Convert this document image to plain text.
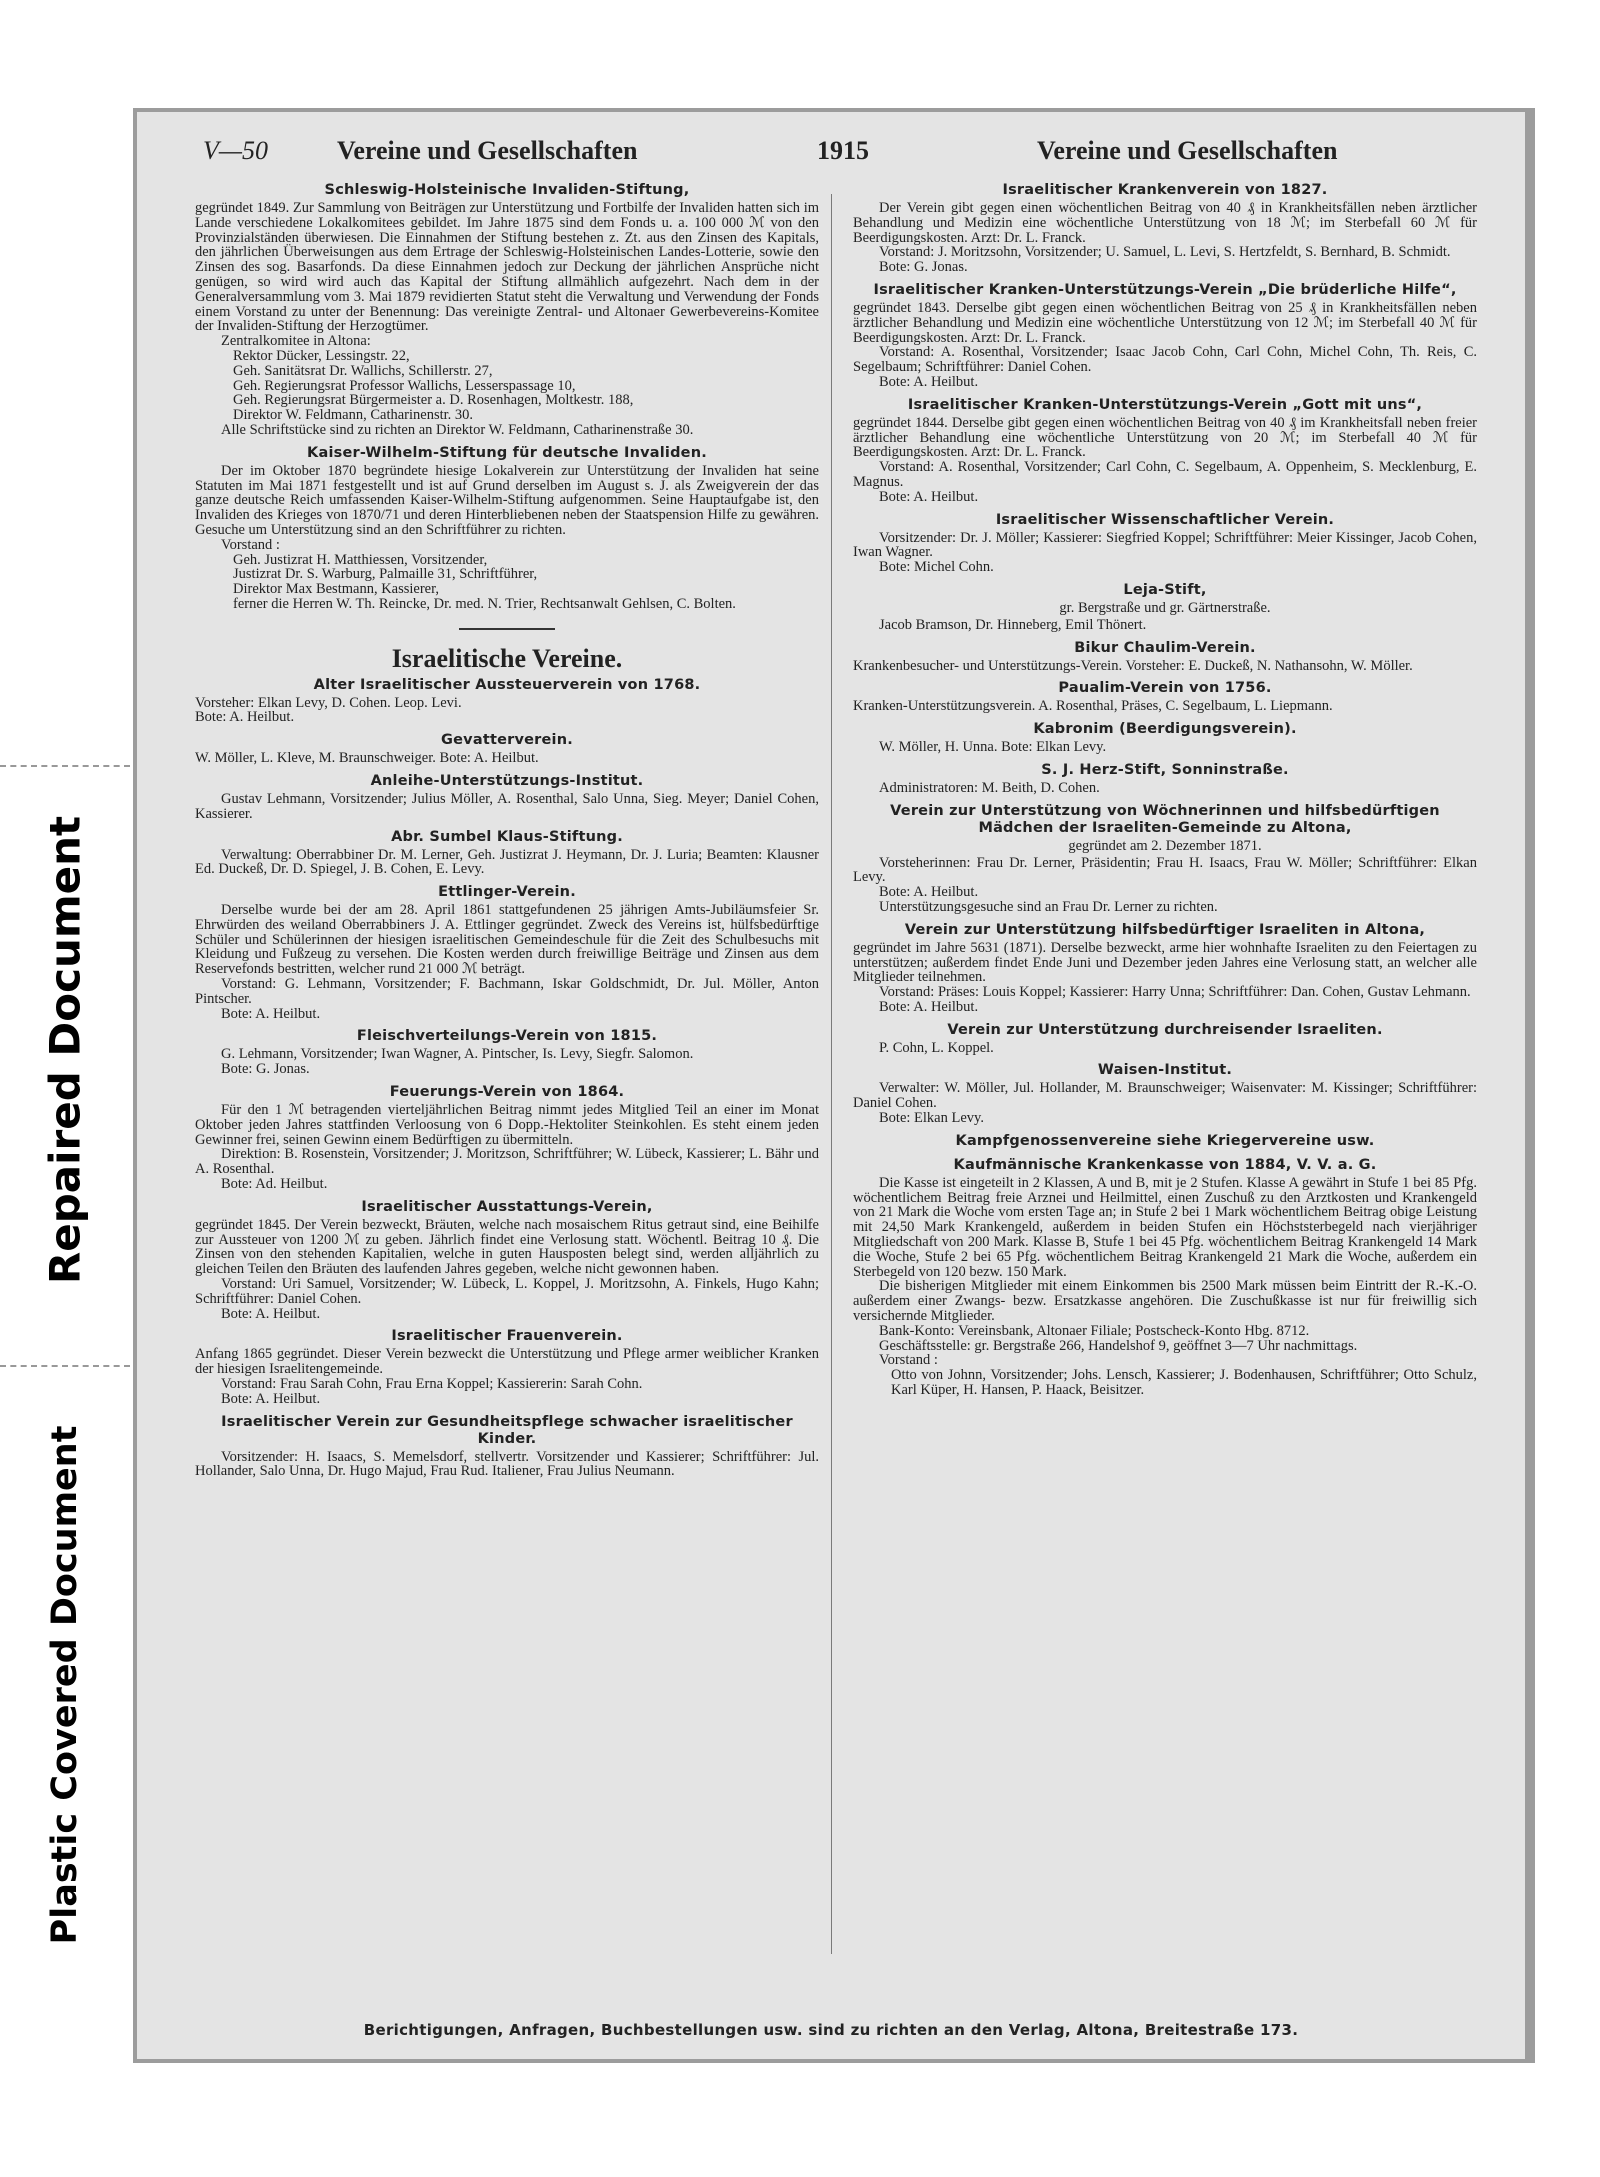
Repaired Document
Plastic Covered Document
V—50	Vereine und Gesellschaften	1915	Vereine und Gesellschaften
Schleswig-Holsteinische Invaliden-Stiftung,

gegründet 1849. Zur Sammlung von Beiträgen zur Unterstützung und Fortbilfe der Invaliden hatten sich im Lande verschiedene Lokalkomitees gebildet. Im Jahre 1875 sind dem Fonds u. a. 100 000 ℳ von den Provinzialständen überwiesen. Die Einnahmen der Stiftung bestehen z. Zt. aus den Zinsen des Kapitals, den jährlichen Überweisungen aus dem Ertrage der Schleswig-Holsteinischen Landes-Lotterie, sowie den Zinsen des sog. Basarfonds. Da diese Einnahmen jedoch zur Deckung der jährlichen Ansprüche nicht genügen, so wird wird auch das Kapital der Stiftung allmählich aufgezehrt. Nach dem in der Generalversammlung vom 3. Mai 1879 revidierten Statut steht die Verwaltung und Verwendung der Fonds einem Vorstand zu unter der Benennung: Das vereinigte Zentral- und Altonaer Gewerbevereins-Komitee der Invaliden-Stiftung der Herzogtümer.

Zentralkomitee in Altona:

Rektor Dücker, Lessingstr. 22,

Geh. Sanitätsrat Dr. Wallichs, Schillerstr. 27,

Geh. Regierungsrat Professor Wallichs, Lesserspassage 10,

Geh. Regierungsrat Bürgermeister a. D. Rosenhagen, Moltkestr. 188,

Direktor W. Feldmann, Catharinenstr. 30.

Alle Schriftstücke sind zu richten an Direktor W. Feldmann, Catharinenstraße 30.

Kaiser-Wilhelm-Stiftung für deutsche Invaliden.

Der im Oktober 1870 begründete hiesige Lokalverein zur Unterstützung der Invaliden hat seine Statuten im Mai 1871 festgestellt und ist auf Grund derselben im August s. J. als Zweigverein der das ganze deutsche Reich umfassenden Kaiser-Wilhelm-Stiftung aufgenommen. Seine Hauptaufgabe ist, den Invaliden des Krieges von 1870/71 und deren Hinterbliebenen neben der Staatspension Hilfe zu gewähren. Gesuche um Unterstützung sind an den Schriftführer zu richten.

Vorstand :

Geh. Justizrat H. Matthiessen, Vorsitzender,

Justizrat Dr. S. Warburg, Palmaille 31, Schriftführer,

Direktor Max Bestmann, Kassierer,

ferner die Herren W. Th. Reincke, Dr. med. N. Trier, Rechtsanwalt Gehlsen, C. Bolten.

Israelitische Vereine.
Alter Israelitischer Aussteuerverein von 1768.

Vorsteher: Elkan Levy, D. Cohen. Leop. Levi.

Bote: A. Heilbut.

Gevatterverein.

W. Möller, L. Kleve, M. Braunschweiger. Bote: A. Heilbut.

Anleihe-Unterstützungs-Institut.

Gustav Lehmann, Vorsitzender; Julius Möller, A. Rosenthal, Salo Unna, Sieg. Meyer; Daniel Cohen, Kassierer.

Abr. Sumbel Klaus-Stiftung.

Verwaltung: Oberrabbiner Dr. M. Lerner, Geh. Justizrat J. Heymann, Dr. J. Luria; Beamten: Klausner Ed. Duckeß, Dr. D. Spiegel, J. B. Cohen, E. Levy.

Ettlinger-Verein.

Derselbe wurde bei der am 28. April 1861 stattgefundenen 25 jährigen Amts-Jubiläumsfeier Sr. Ehrwürden des weiland Oberrabbiners J. A. Ettlinger gegründet. Zweck des Vereins ist, hülfsbedürftige Schüler und Schülerinnen der hiesigen israelitischen Gemeindeschule für die Zeit des Schulbesuchs mit Kleidung und Fußzeug zu versehen. Die Kosten werden durch freiwillige Beiträge und Zinsen aus dem Reservefonds bestritten, welcher rund 21 000 ℳ beträgt.

Vorstand: G. Lehmann, Vorsitzender; F. Bachmann, Iskar Goldschmidt, Dr. Jul. Möller, Anton Pintscher.

Bote: A. Heilbut.

Fleischverteilungs-Verein von 1815.

G. Lehmann, Vorsitzender; Iwan Wagner, A. Pintscher, Is. Levy, Siegfr. Salomon.

Bote: G. Jonas.

Feuerungs-Verein von 1864.

Für den 1 ℳ betragenden vierteljährlichen Beitrag nimmt jedes Mitglied Teil an einer im Monat Oktober jeden Jahres stattfinden Verloosung von 6 Dopp.-Hektoliter Steinkohlen. Es steht einem jeden Gewinner frei, seinen Gewinn einem Bedürftigen zu übermitteln.

Direktion: B. Rosenstein, Vorsitzender; J. Moritzson, Schriftführer; W. Lübeck, Kassierer; L. Bähr und A. Rosenthal.

Bote: Ad. Heilbut.

Israelitischer Ausstattungs-Verein,

gegründet 1845. Der Verein bezweckt, Bräuten, welche nach mosaischem Ritus getraut sind, eine Beihilfe zur Aussteuer von 1200 ℳ zu geben. Jährlich findet eine Verlosung statt. Wöchentl. Beitrag 10 ₰. Die Zinsen von den stehenden Kapitalien, welche in guten Hausposten belegt sind, werden alljährlich zu gleichen Teilen den Bräuten des laufenden Jahres gegeben, welche nicht gewonnen haben.

Vorstand: Uri Samuel, Vorsitzender; W. Lübeck, L. Koppel, J. Moritzsohn, A. Finkels, Hugo Kahn; Schriftführer: Daniel Cohen.

Bote: A. Heilbut.

Israelitischer Frauenverein.

Anfang 1865 gegründet. Dieser Verein bezweckt die Unterstützung und Pflege armer weiblicher Kranken der hiesigen Israelitengemeinde.

Vorstand: Frau Sarah Cohn, Frau Erna Koppel; Kassiererin: Sarah Cohn.

Bote: A. Heilbut.

Israelitischer Verein zur Gesundheitspflege schwacher israelitischer Kinder.

Vorsitzender: H. Isaacs, S. Memelsdorf, stellvertr. Vorsitzender und Kassierer; Schriftführer: Jul. Hollander, Salo Unna, Dr. Hugo Majud, Frau Rud. Italiener, Frau Julius Neumann.

Israelitischer Krankenverein von 1827.

Der Verein gibt gegen einen wöchentlichen Beitrag von 40 ₰ in Krankheitsfällen neben ärztlicher Behandlung und Medizin eine wöchentliche Unterstützung von 18 ℳ; im Sterbefall 60 ℳ für Beerdigungskosten. Arzt: Dr. L. Franck.

Vorstand: J. Moritzsohn, Vorsitzender; U. Samuel, L. Levi, S. Hertzfeldt, S. Bernhard, B. Schmidt.

Bote: G. Jonas.

Israelitischer Kranken-Unterstützungs-Verein „Die brüderliche Hilfe“,

gegründet 1843. Derselbe gibt gegen einen wöchentlichen Beitrag von 25 ₰ in Krankheitsfällen neben ärztlicher Behandlung und Medizin eine wöchentliche Unterstützung von 12 ℳ; im Sterbefall 40 ℳ für Beerdigungskosten. Arzt: Dr. L. Franck.

Vorstand: A. Rosenthal, Vorsitzender; Isaac Jacob Cohn, Carl Cohn, Michel Cohn, Th. Reis, C. Segelbaum; Schriftführer: Daniel Cohen.

Bote: A. Heilbut.

Israelitischer Kranken-Unterstützungs-Verein „Gott mit uns“,

gegründet 1844. Derselbe gibt gegen einen wöchentlichen Beitrag von 40 ₰ im Krankheitsfall neben freier ärztlicher Behandlung eine wöchentliche Unterstützung von 20 ℳ; im Sterbefall 40 ℳ für Beerdigungskosten. Arzt: Dr. L. Franck.

Vorstand: A. Rosenthal, Vorsitzender; Carl Cohn, C. Segelbaum, A. Oppenheim, S. Mecklenburg, E. Magnus.

Bote: A. Heilbut.

Israelitischer Wissenschaftlicher Verein.

Vorsitzender: Dr. J. Möller; Kassierer: Siegfried Koppel; Schriftführer: Meier Kissinger, Jacob Cohen, Iwan Wagner.

Bote: Michel Cohn.

Leja-Stift,
gr. Bergstraße und gr. Gärtnerstraße.

Jacob Bramson, Dr. Hinneberg, Emil Thönert.

Bikur Chaulim-Verein.

Krankenbesucher- und Unterstützungs-Verein. Vorsteher: E. Duckeß, N. Nathansohn, W. Möller.

Paualim-Verein von 1756.

Kranken-Unterstützungsverein. A. Rosenthal, Präses, C. Segelbaum, L. Liepmann.

Kabronim (Beerdigungsverein).

W. Möller, H. Unna. Bote: Elkan Levy.

S. J. Herz-Stift, Sonninstraße.

Administratoren: M. Beith, D. Cohen.

Verein zur Unterstützung von Wöchnerinnen und hilfsbedürftigen Mädchen der Israeliten-Gemeinde zu Altona,
gegründet am 2. Dezember 1871.

Vorsteherinnen: Frau Dr. Lerner, Präsidentin; Frau H. Isaacs, Frau W. Möller; Schriftführer: Elkan Levy.

Bote: A. Heilbut.

Unterstützungsgesuche sind an Frau Dr. Lerner zu richten.

Verein zur Unterstützung hilfsbedürftiger Israeliten in Altona,

gegründet im Jahre 5631 (1871). Derselbe bezweckt, arme hier wohnhafte Israeliten zu den Feiertagen zu unterstützen; außerdem findet Ende Juni und Dezember jeden Jahres eine Verlosung statt, an welcher alle Mitglieder teilnehmen.

Vorstand: Präses: Louis Koppel; Kassierer: Harry Unna; Schriftführer: Dan. Cohen, Gustav Lehmann.

Bote: A. Heilbut.

Verein zur Unterstützung durchreisender Israeliten.

P. Cohn, L. Koppel.

Waisen-Institut.

Verwalter: W. Möller, Jul. Hollander, M. Braunschweiger; Waisenvater: M. Kissinger; Schriftführer: Daniel Cohen.

Bote: Elkan Levy.

Kampfgenossenvereine siehe Kriegervereine usw.
Kaufmännische Krankenkasse von 1884, V. V. a. G.

Die Kasse ist eingeteilt in 2 Klassen, A und B, mit je 2 Stufen. Klasse A gewährt in Stufe 1 bei 85 Pfg. wöchentlichem Beitrag freie Arznei und Heilmittel, einen Zuschuß zu den Arztkosten und Krankengeld von 21 Mark die Woche vom ersten Tage an; in Stufe 2 bei 1 Mark wöchentlichem Beitrag obige Leistung mit 24,50 Mark Krankengeld, außerdem in beiden Stufen ein Höchststerbegeld nach vierjähriger Mitgliedschaft von 200 Mark. Klasse B, Stufe 1 bei 45 Pfg. wöchentlichem Beitrag Krankengeld 14 Mark die Woche, Stufe 2 bei 65 Pfg. wöchentlichem Beitrag Krankengeld 21 Mark die Woche, außerdem ein Sterbegeld von 120 bezw. 150 Mark.

Die bisherigen Mitglieder mit einem Einkommen bis 2500 Mark müssen beim Eintritt der R.-K.-O. außerdem einer Zwangs- bezw. Ersatzkasse angehören. Die Zuschußkasse ist nur für freiwillig sich versichernde Mitglieder.

Bank-Konto: Vereinsbank, Altonaer Filiale; Postscheck-Konto Hbg. 8712.

Geschäftsstelle: gr. Bergstraße 266, Handelshof 9, geöffnet 3—7 Uhr nachmittags.

Vorstand :

Otto von Johnn, Vorsitzender; Johs. Lensch, Kassierer; J. Bodenhausen, Schriftführer; Otto Schulz, Karl Küper, H. Hansen, P. Haack, Beisitzer.

Berichtigungen, Anfragen, Buchbestellungen usw. sind zu richten an den Verlag, Altona, Breitestraße 173.
